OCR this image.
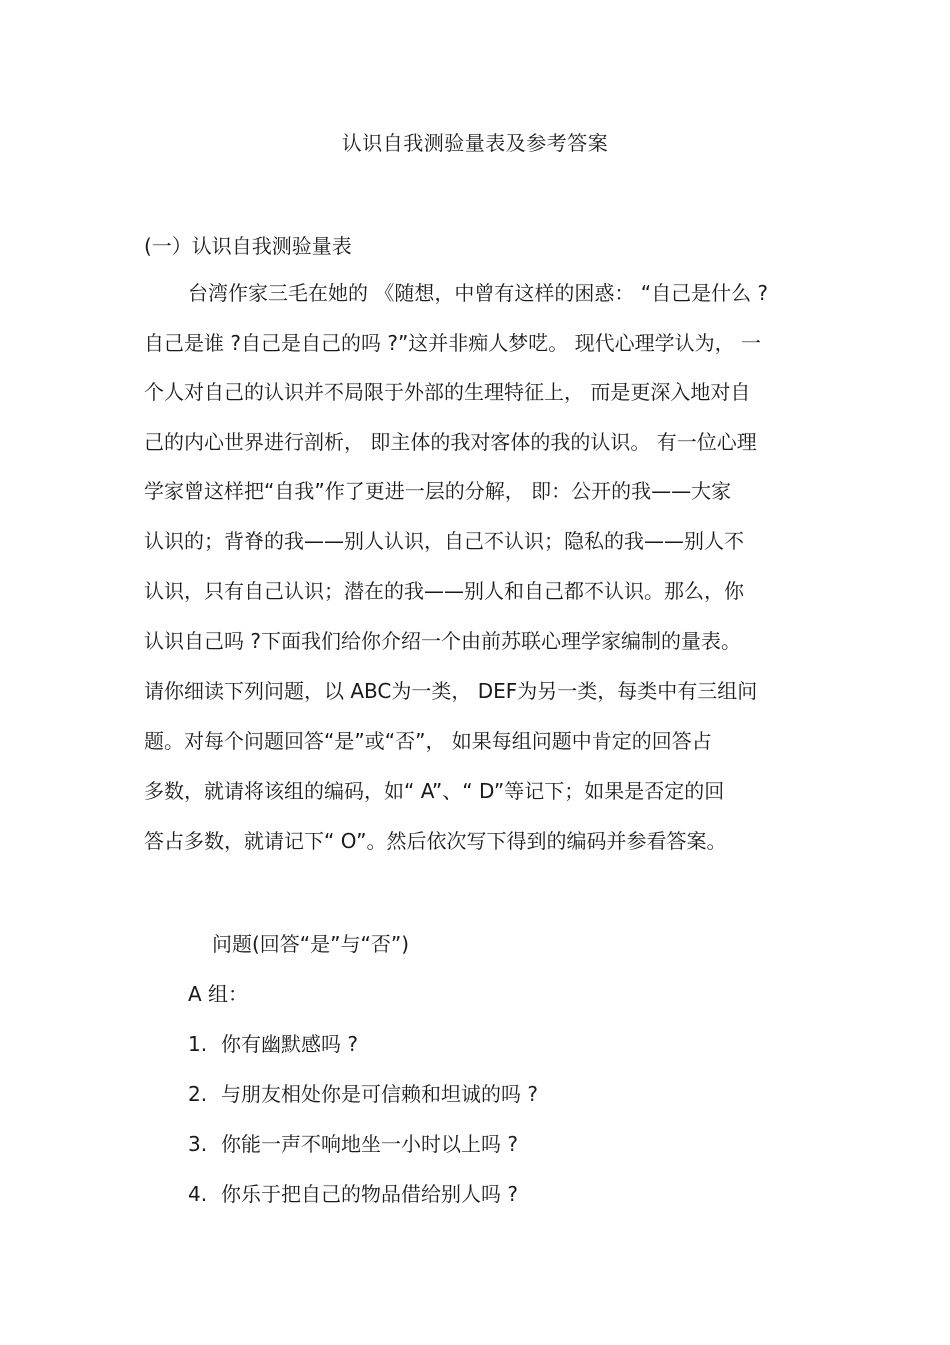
认识自我测验量表及参考答案
(一）认识自我测验量表
台湾作家三毛在她的 《随想，中曾有这样的困惑： “自己是什么 ?
自己是谁 ?自己是自己的吗 ?”这并非痴人梦呓。 现代心理学认为， 一
个人对自己的认识并不局限于外部的生理特征上， 而是更深入地对自
己的内心世界进行剖析， 即主体的我对客体的我的认识。 有一位心理
学家曾这样把“自我”作了更进一层的分解， 即：公开的我——大家
认识的；背脊的我——别人认识，自己不认识；隐私的我——别人不
认识，只有自己认识；潜在的我——别人和自己都不认识。那么，你
认识自己吗 ?下面我们给你介绍一个由前苏联心理学家编制的量表。
请你细读下列问题，以 ABC为一类， DEF为另一类，每类中有三组问
题。对每个问题回答“是”或“否”， 如果每组问题中肯定的回答占
多数，就请将该组的编码，如“ A”、“ D”等记下；如果是否定的回
答占多数，就请记下“ O”。然后依次写下得到的编码并参看答案。
问题(回答“是”与“否”)
A 组：
1. 你有幽默感吗 ?
2. 与朋友相处你是可信赖和坦诚的吗 ?
3. 你能一声不响地坐一小时以上吗 ?
4. 你乐于把自己的物品借给别人吗 ?
